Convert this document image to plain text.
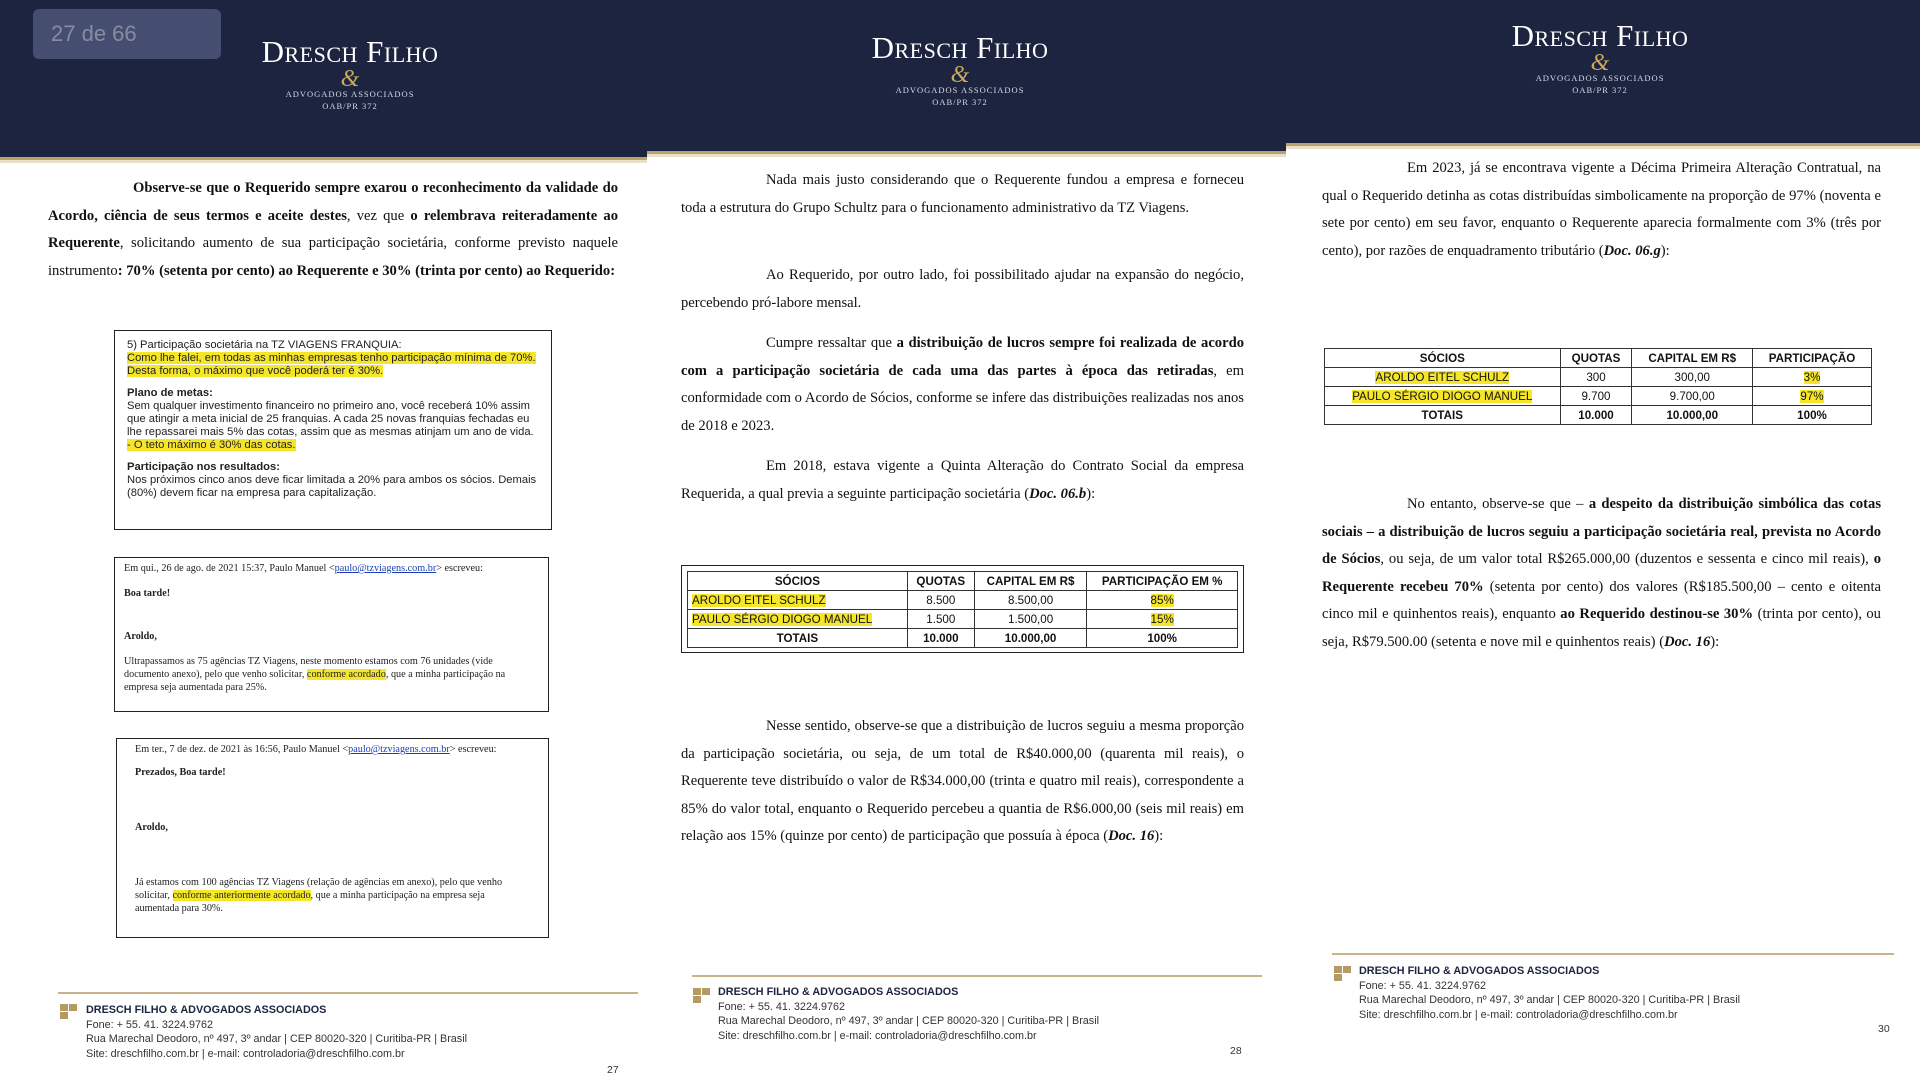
27 de 66
Dresch Filho
&
ADVOGADOS ASSOCIADOS
OAB/PR 372
Observe-se que o Requerido sempre exarou o reconhecimento da validade do Acordo, ciência de seus termos e aceite destes, vez que o relembrava reiteradamente ao Requerente, solicitando aumento de sua participação societária, conforme previsto naquele instrumento: 70% (setenta por cento) ao Requerente e 30% (trinta por cento) ao Requerido:
5) Participação societária na TZ VIAGENS FRANQUIA:
Como lhe falei, em todas as minhas empresas tenho participação mínima de 70%. Desta forma, o máximo que você poderá ter é 30%.
Plano de metas:
Sem qualquer investimento financeiro no primeiro ano, você receberá 10% assim que atingir a meta inicial de 25 franquias. A cada 25 novas franquias fechadas eu lhe repassarei mais 5% das cotas, assim que as mesmas atinjam um ano de vida.
- O teto máximo é 30% das cotas.
Participação nos resultados:
Nos próximos cinco anos deve ficar limitada a 20% para ambos os sócios. Demais (80%) devem ficar na empresa para capitalização.
Em qui., 26 de ago. de 2021 15:37, Paulo Manuel <paulo@tzviagens.com.br> escreveu:
Boa tarde!
Aroldo,
Ultrapassamos as 75 agências TZ Viagens, neste momento estamos com 76 unidades (vide documento anexo), pelo que venho solicitar, conforme acordado, que a minha participação na empresa seja aumentada para 25%.
Em ter., 7 de dez. de 2021 às 16:56, Paulo Manuel <paulo@tzviagens.com.br> escreveu:
Prezados, Boa tarde!
Aroldo,
Já estamos com 100 agências TZ Viagens (relação de agências em anexo), pelo que venho solicitar, conforme anteriormente acordado, que a minha participação na empresa seja aumentada para 30%.
DRESCH FILHO & ADVOGADOS ASSOCIADOS
Fone: + 55. 41. 3224.9762
Rua Marechal Deodoro, nº 497, 3º andar | CEP 80020-320 | Curitiba-PR | Brasil
Site: dreschfilho.com.br | e-mail: controladoria@dreschfilho.com.br
27
Dresch Filho
&
ADVOGADOS ASSOCIADOS
OAB/PR 372
Nada mais justo considerando que o Requerente fundou a empresa e forneceu toda a estrutura do Grupo Schultz para o funcionamento administrativo da TZ Viagens.
Ao Requerido, por outro lado, foi possibilitado ajudar na expansão do negócio, percebendo pró-labore mensal.
Cumpre ressaltar que a distribuição de lucros sempre foi realizada de acordo com a participação societária de cada uma das partes à época das retiradas, em conformidade com o Acordo de Sócios, conforme se infere das distribuições realizadas nos anos de 2018 e 2023.
Em 2018, estava vigente a Quinta Alteração do Contrato Social da empresa Requerida, a qual previa a seguinte participação societária (Doc. 06.b):
SÓCIOS	QUOTAS	CAPITAL EM R$	PARTICIPAÇÃO EM %
AROLDO EITEL SCHULZ	8.500	8.500,00	85%
PAULO SÉRGIO DIOGO MANUEL	1.500	1.500,00	15%
TOTAIS	10.000	10.000,00	100%
Nesse sentido, observe-se que a distribuição de lucros seguiu a mesma proporção da participação societária, ou seja, de um total de R$40.000,00 (quarenta mil reais), o Requerente teve distribuído o valor de R$34.000,00 (trinta e quatro mil reais), correspondente a 85% do valor total, enquanto o Requerido percebeu a quantia de R$6.000,00 (seis mil reais) em relação aos 15% (quinze por cento) de participação que possuía à época (Doc. 16):
DRESCH FILHO & ADVOGADOS ASSOCIADOS
Fone: + 55. 41. 3224.9762
Rua Marechal Deodoro, nº 497, 3º andar | CEP 80020-320 | Curitiba-PR | Brasil
Site: dreschfilho.com.br | e-mail: controladoria@dreschfilho.com.br
28
Dresch Filho
&
ADVOGADOS ASSOCIADOS
OAB/PR 372
Em 2023, já se encontrava vigente a Décima Primeira Alteração Contratual, na qual o Requerido detinha as cotas distribuídas simbolicamente na proporção de 97% (noventa e sete por cento) em seu favor, enquanto o Requerente aparecia formalmente com 3% (três por cento), por razões de enquadramento tributário (Doc. 06.g):
SÓCIOS	QUOTAS	CAPITAL EM R$	PARTICIPAÇÃO
AROLDO EITEL SCHULZ	300	300,00	3%
PAULO SÉRGIO DIOGO MANUEL	9.700	9.700,00	97%
TOTAIS	10.000	10.000,00	100%
No entanto, observe-se que – a despeito da distribuição simbólica das cotas sociais – a distribuição de lucros seguiu a participação societária real, prevista no Acordo de Sócios, ou seja, de um valor total R$265.000,00 (duzentos e sessenta e cinco mil reais), o Requerente recebeu 70% (setenta por cento) dos valores (R$185.500,00 – cento e oitenta cinco mil e quinhentos reais), enquanto ao Requerido destinou-se 30% (trinta por cento), ou seja, R$79.500.00 (setenta e nove mil e quinhentos reais) (Doc. 16):
DRESCH FILHO & ADVOGADOS ASSOCIADOS
Fone: + 55. 41. 3224.9762
Rua Marechal Deodoro, nº 497, 3º andar | CEP 80020-320 | Curitiba-PR | Brasil
Site: dreschfilho.com.br | e-mail: controladoria@dreschfilho.com.br
30
